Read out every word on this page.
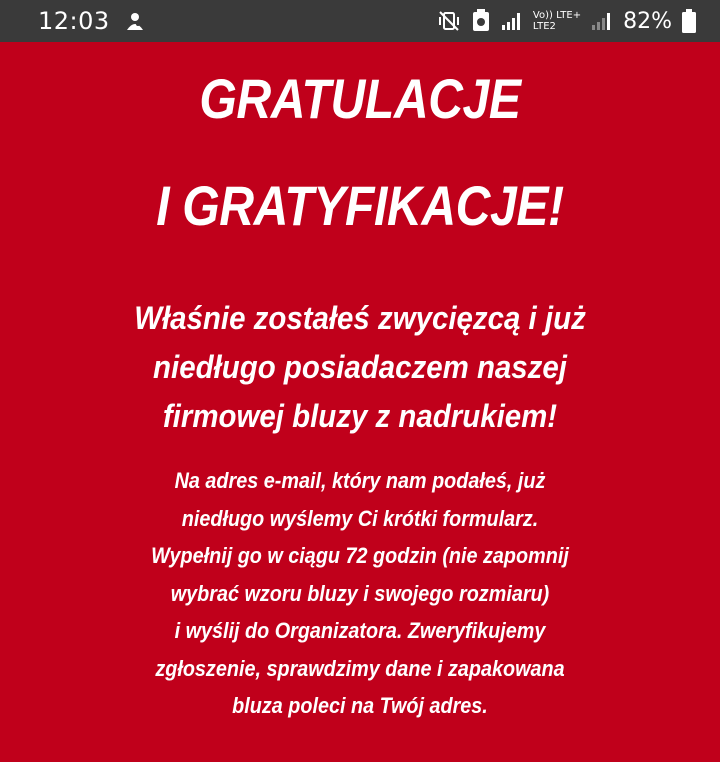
12:03	Vo)) LTE+
LTE2	82%
GRATULACJE
I GRATYFIKACJE!

Właśnie zostałeś zwycięzcą i już
niedługo posiadaczem naszej
firmowej bluzy z nadrukiem!

Na adres e-mail, który nam podałeś, już
niedługo wyślemy Ci krótki formularz.
Wypełnij go w ciągu 72 godzin (nie zapomnij
wybrać wzoru bluzy i swojego rozmiaru)
i wyślij do Organizatora. Zweryfikujemy
zgłoszenie, sprawdzimy dane i zapakowana
bluza poleci na Twój adres.
